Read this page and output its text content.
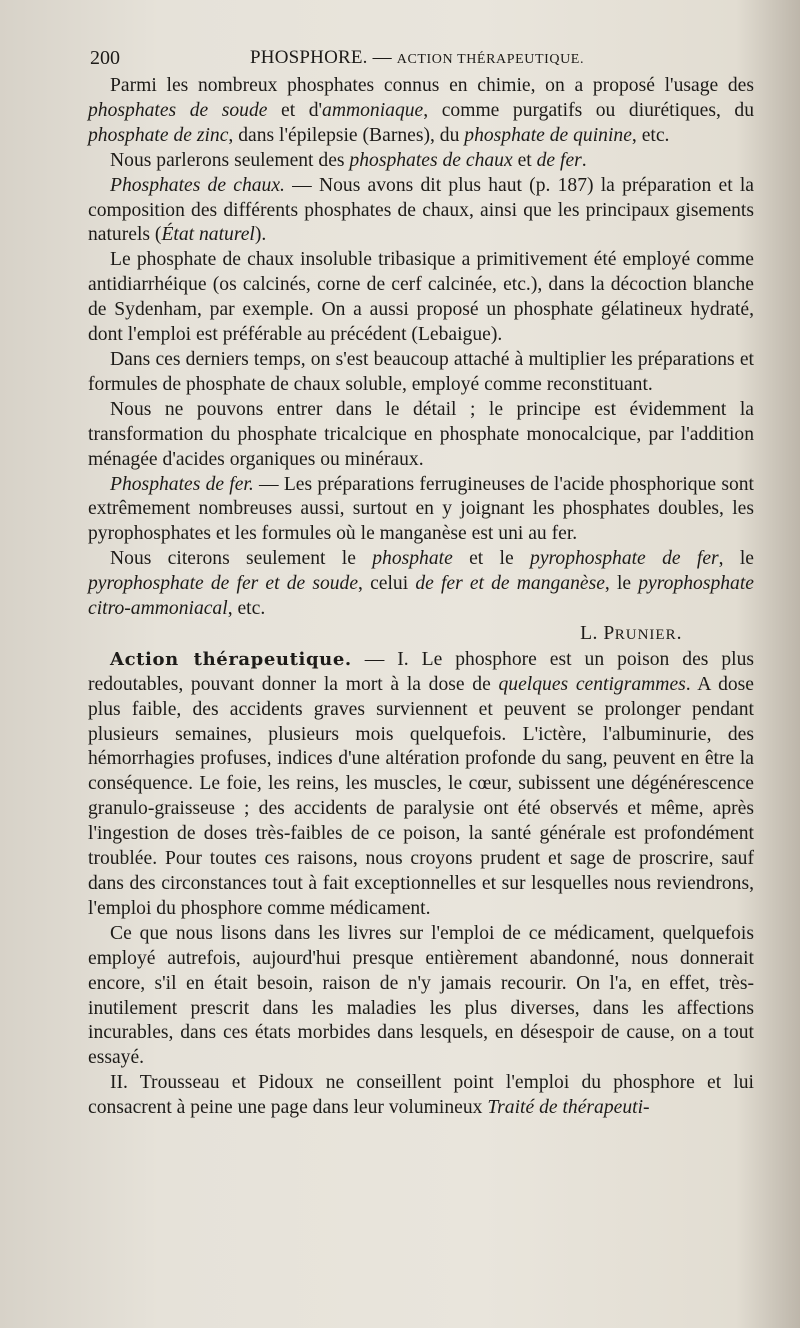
200	PHOSPHORE. — ACTION THÉRAPEUTIQUE.

Parmi les nombreux phosphates connus en chimie, on a proposé l'usage des phosphates de soude et d'ammoniaque, comme purgatifs ou diurétiques, du phosphate de zinc, dans l'épilepsie (Barnes), du phosphate de quinine, etc.

Nous parlerons seulement des phosphates de chaux et de fer.

Phosphates de chaux. — Nous avons dit plus haut (p. 187) la préparation et la composition des différents phosphates de chaux, ainsi que les principaux gisements naturels (État naturel).

Le phosphate de chaux insoluble tribasique a primitivement été employé comme antidiarrhéique (os calcinés, corne de cerf calcinée, etc.), dans la décoction blanche de Sydenham, par exemple. On a aussi proposé un phosphate gélatineux hydraté, dont l'emploi est préférable au précédent (Lebaigue).

Dans ces derniers temps, on s'est beaucoup attaché à multiplier les préparations et formules de phosphate de chaux soluble, employé comme reconstituant.

Nous ne pouvons entrer dans le détail ; le principe est évidemment la transformation du phosphate tricalcique en phosphate monocalcique, par l'addition ménagée d'acides organiques ou minéraux.

Phosphates de fer. — Les préparations ferrugineuses de l'acide phosphorique sont extrêmement nombreuses aussi, surtout en y joignant les phosphates doubles, les pyrophosphates et les formules où le manganèse est uni au fer.

Nous citerons seulement le phosphate et le pyrophosphate de fer, le pyrophosphate de fer et de soude, celui de fer et de manganèse, le pyrophosphate citro-ammoniacal, etc.

L. PRUNIER.

Action thérapeutique. — I. Le phosphore est un poison des plus redoutables, pouvant donner la mort à la dose de quelques centigrammes. A dose plus faible, des accidents graves surviennent et peuvent se prolonger pendant plusieurs semaines, plusieurs mois quelquefois. L'ictère, l'albuminurie, des hémorrhagies profuses, indices d'une altération profonde du sang, peuvent en être la conséquence. Le foie, les reins, les muscles, le cœur, subissent une dégénérescence granulo-graisseuse ; des accidents de paralysie ont été observés et même, après l'ingestion de doses très-faibles de ce poison, la santé générale est profondément troublée. Pour toutes ces raisons, nous croyons prudent et sage de proscrire, sauf dans des circonstances tout à fait exceptionnelles et sur lesquelles nous reviendrons, l'emploi du phosphore comme médicament.

Ce que nous lisons dans les livres sur l'emploi de ce médicament, quelquefois employé autrefois, aujourd'hui presque entièrement abandonné, nous donnerait encore, s'il en était besoin, raison de n'y jamais recourir. On l'a, en effet, très-inutilement prescrit dans les maladies les plus diverses, dans les affections incurables, dans ces états morbides dans lesquels, en désespoir de cause, on a tout essayé.

II. Trousseau et Pidoux ne conseillent point l'emploi du phosphore et lui consacrent à peine une page dans leur volumineux Traité de thérapeuti-
